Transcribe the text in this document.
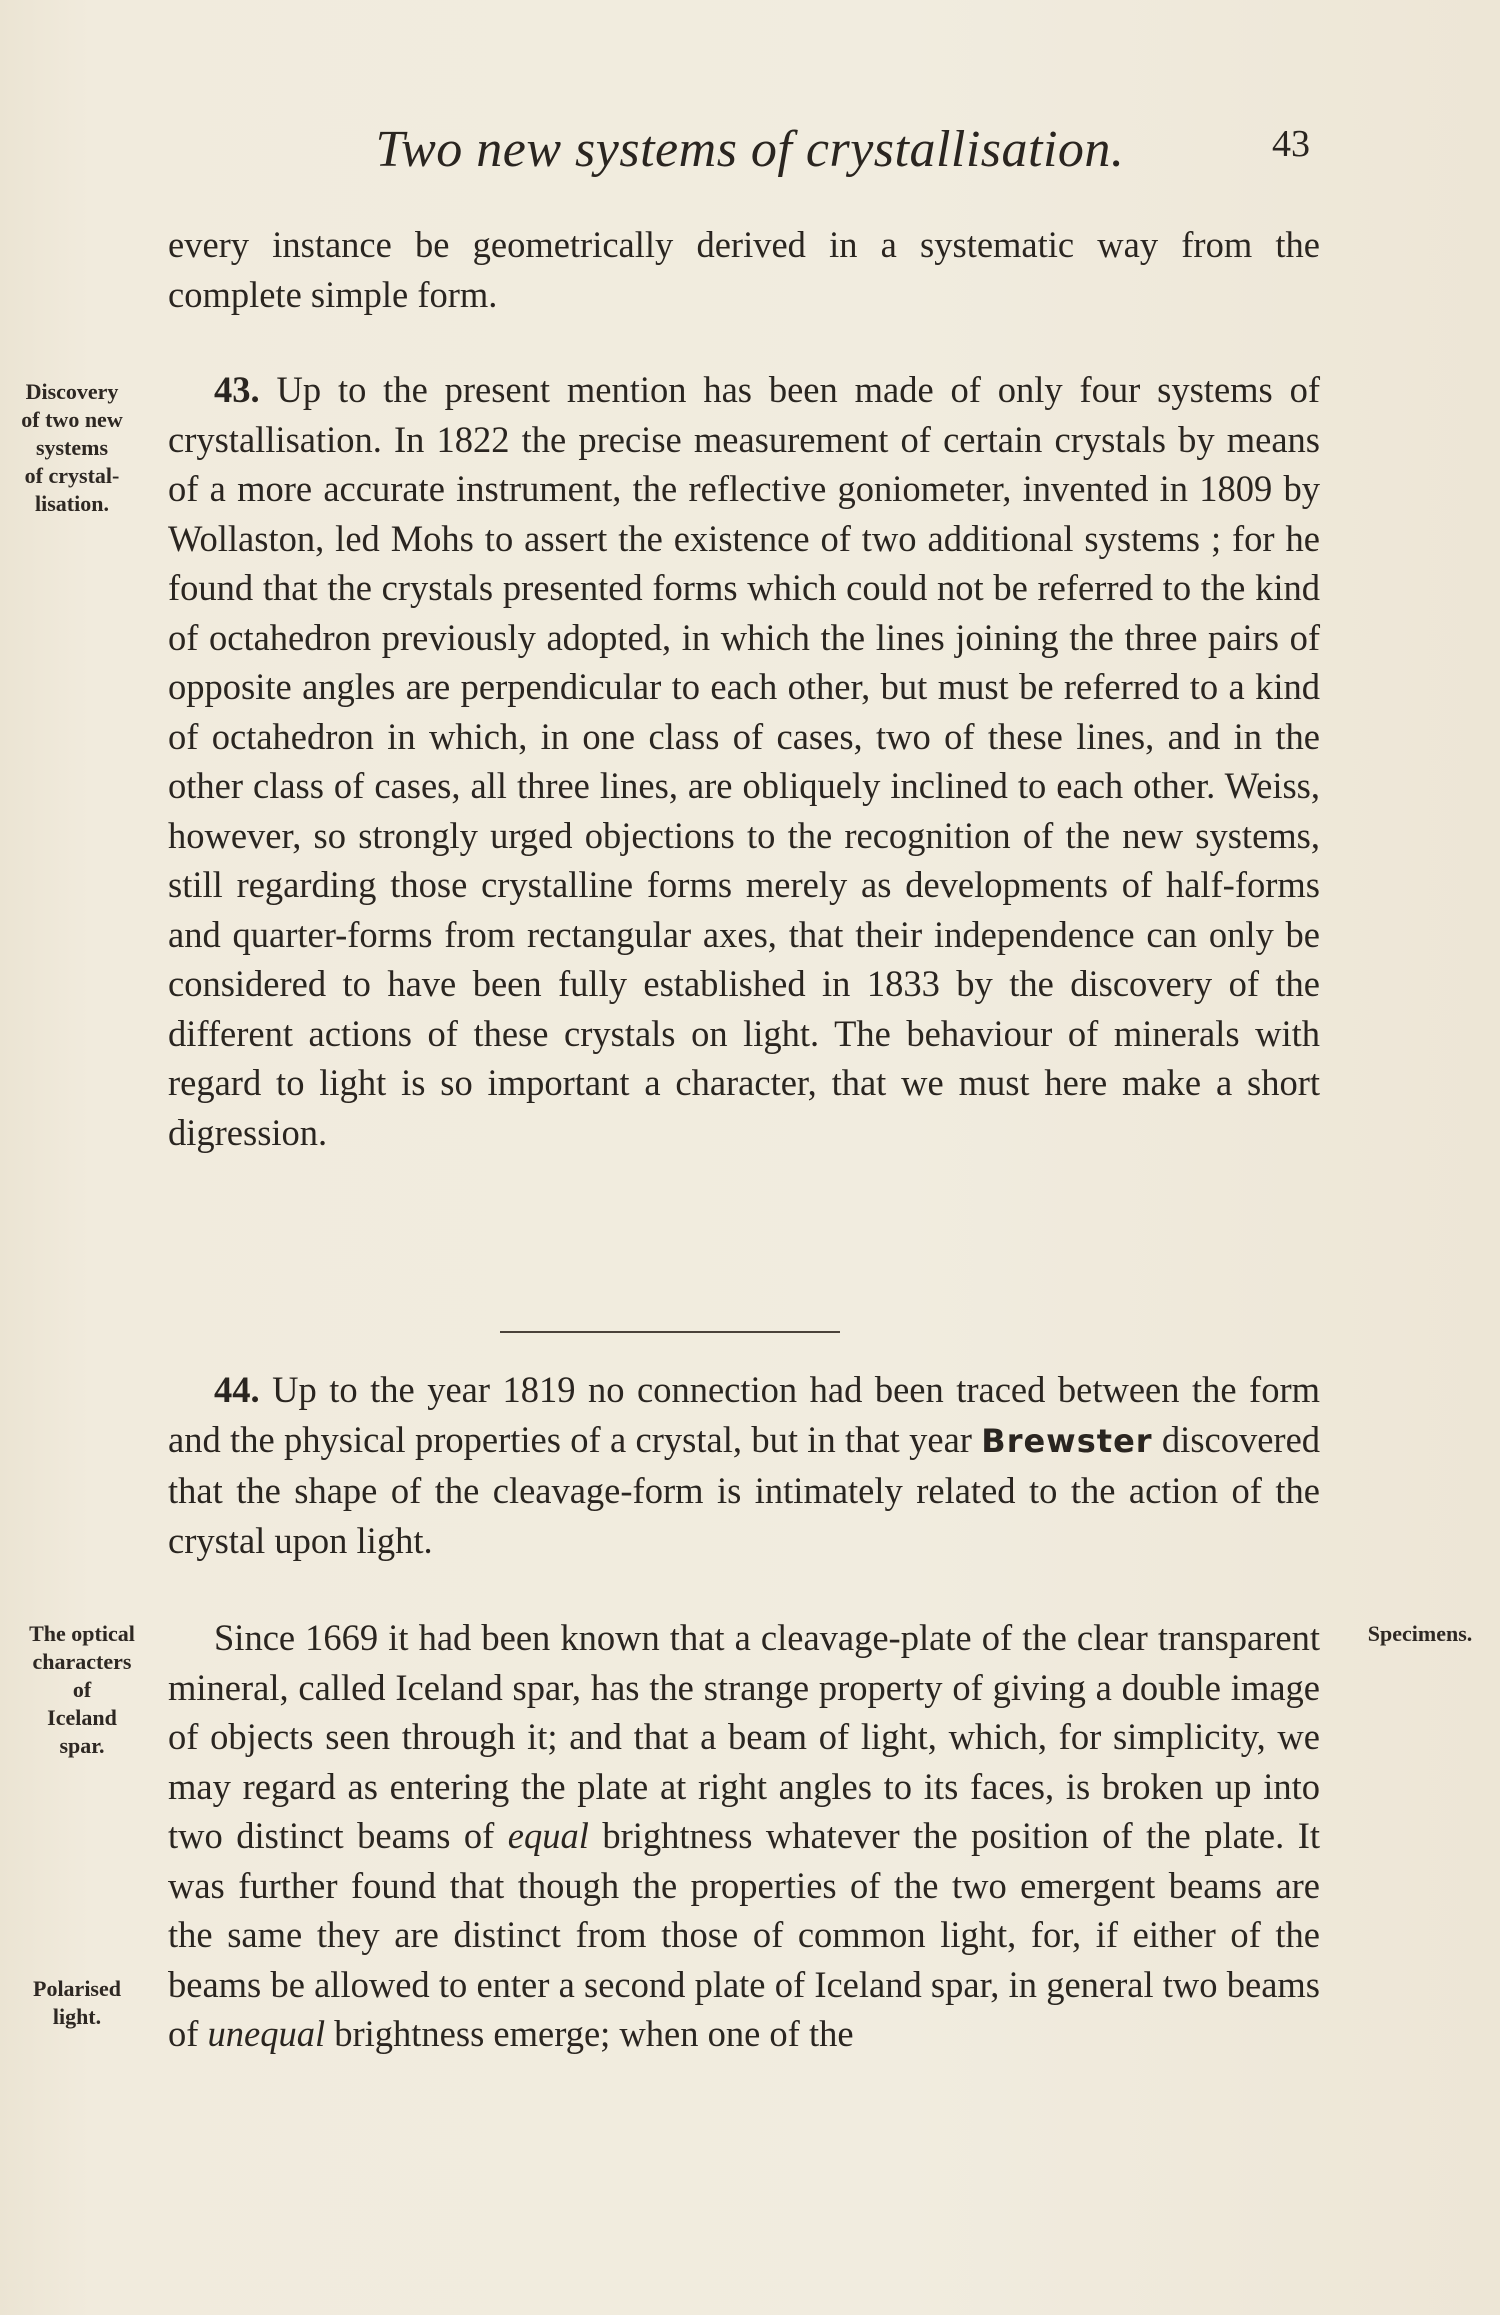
Two new systems of crystallisation.	43

every instance be geometrically derived in a systematic way from the complete simple form.

43. Up to the present mention has been made of only four systems of crystallisation. In 1822 the precise measurement of certain crystals by means of a more accurate instrument, the reflective goniometer, invented in 1809 by Wollaston, led Mohs to assert the existence of two additional systems ; for he found that the crystals presented forms which could not be referred to the kind of octahedron previously adopted, in which the lines joining the three pairs of opposite angles are perpendicular to each other, but must be referred to a kind of octahedron in which, in one class of cases, two of these lines, and in the other class of cases, all three lines, are obliquely inclined to each other. Weiss, however, so strongly urged objections to the recognition of the new systems, still regarding those crystalline forms merely as developments of half-forms and quarter-forms from rectangular axes, that their independence can only be considered to have been fully established in 1833 by the discovery of the different actions of these crystals on light. The behaviour of minerals with regard to light is so important a character, that we must here make a short digression.

44. Up to the year 1819 no connection had been traced between the form and the physical properties of a crystal, but in that year Brewster discovered that the shape of the cleavage-form is intimately related to the action of the crystal upon light.

Since 1669 it had been known that a cleavage-plate of the clear transparent mineral, called Iceland spar, has the strange property of giving a double image of objects seen through it; and that a beam of light, which, for simplicity, we may regard as entering the plate at right angles to its faces, is broken up into two distinct beams of equal brightness whatever the position of the plate. It was further found that though the properties of the two emergent beams are the same they are distinct from those of common light, for, if either of the beams be allowed to enter a second plate of Iceland spar, in general two beams of unequal brightness emerge; when one of the

Discovery
of two new
systems
of crystal-
lisation.
The optical
characters
of
Iceland
spar.
Polarised
light.
Specimens.
